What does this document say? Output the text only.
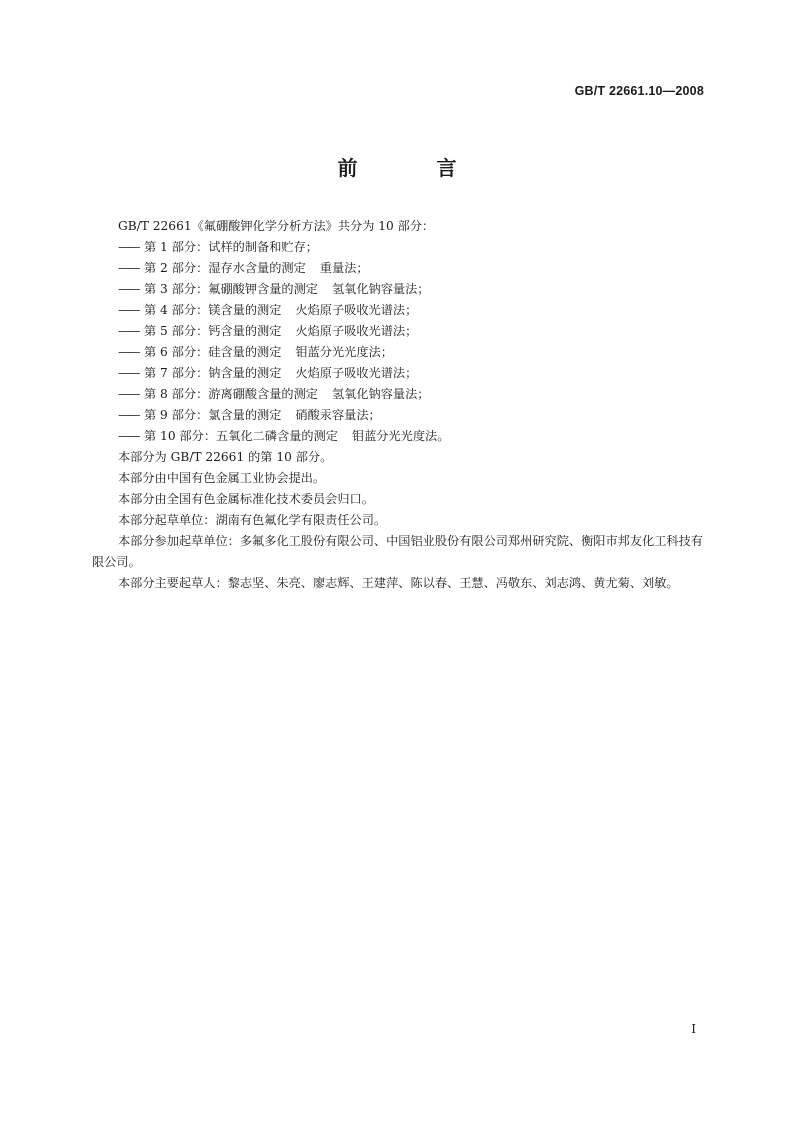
GB/T 22661.10—2008
前 言

GB/T 22661《氟硼酸钾化学分析方法》共分为 10 部分：

—— 第 1 部分：试样的制备和贮存；

—— 第 2 部分：湿存水含量的测定 重量法；

—— 第 3 部分：氟硼酸钾含量的测定 氢氧化钠容量法；

—— 第 4 部分：镁含量的测定 火焰原子吸收光谱法；

—— 第 5 部分：钙含量的测定 火焰原子吸收光谱法；

—— 第 6 部分：硅含量的测定 钼蓝分光光度法；

—— 第 7 部分：钠含量的测定 火焰原子吸收光谱法；

—— 第 8 部分：游离硼酸含量的测定 氢氧化钠容量法；

—— 第 9 部分：氯含量的测定 硝酸汞容量法；

—— 第 10 部分：五氧化二磷含量的测定 钼蓝分光光度法。

本部分为 GB/T 22661 的第 10 部分。

本部分由中国有色金属工业协会提出。

本部分由全国有色金属标准化技术委员会归口。

本部分起草单位：湖南有色氟化学有限责任公司。

本部分参加起草单位：多氟多化工股份有限公司、中国铝业股份有限公司郑州研究院、衡阳市邦友化工科技有限公司。

本部分主要起草人：黎志坚、朱亮、廖志辉、王建萍、陈以春、王慧、冯敬东、刘志鸿、黄尤菊、刘敏。

I
